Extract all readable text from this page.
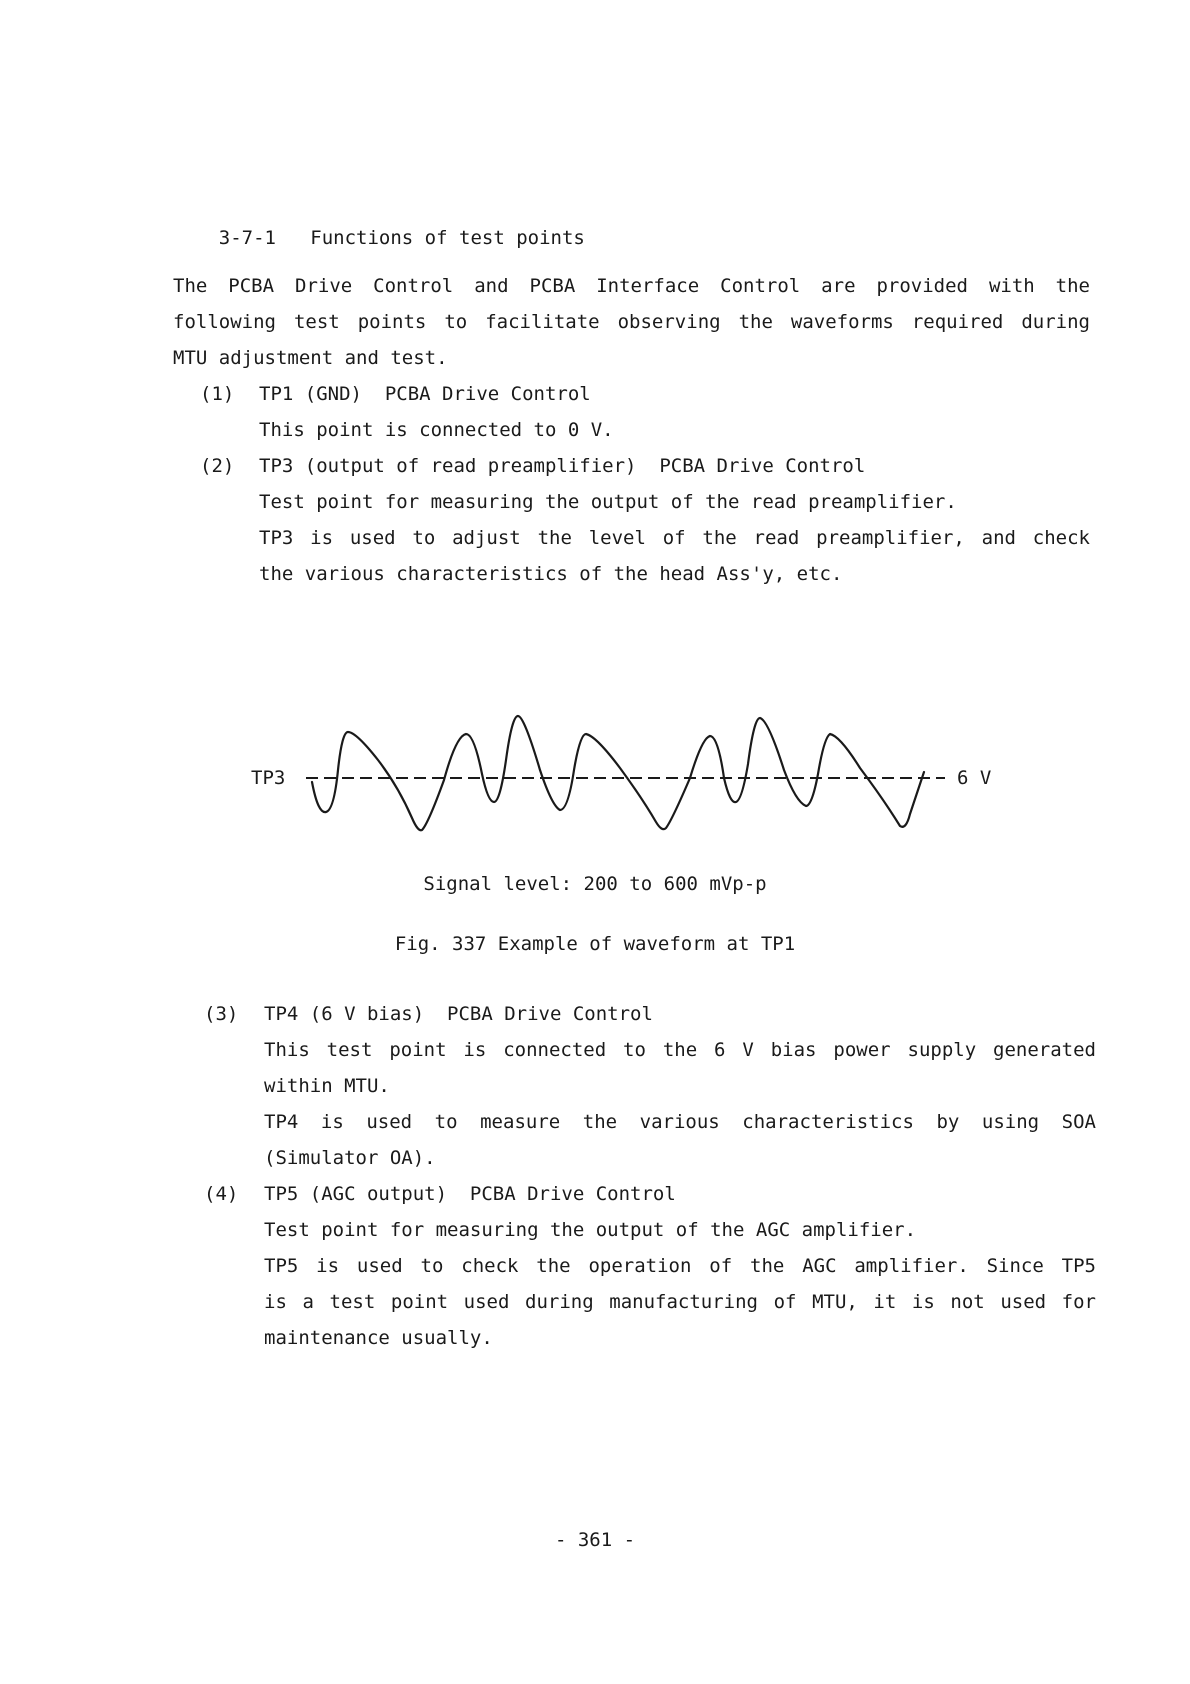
3-7-1 Functions of test points

The PCBA Drive Control and PCBA Interface Control are provided with the
following test points to facilitate observing the waveforms required during
MTU adjustment and test.
(1) TP1 (GND)  PCBA Drive Control
This point is connected to 0 V.
(2) TP3 (output of read preamplifier)  PCBA Drive Control
Test point for measuring the output of the read preamplifier.
TP3 is used to adjust the level of the read preamplifier, and check
the various characteristics of the head Ass'y, etc.
TP3	6 V
Signal level: 200 to 600 mVp-p
Fig. 337 Example of waveform at TP1
(3) TP4 (6 V bias)  PCBA Drive Control
This test point is connected to the 6 V bias power supply generated
within MTU.
TP4 is used to measure the various characteristics by using SOA
(Simulator OA).
(4) TP5 (AGC output)  PCBA Drive Control
Test point for measuring the output of the AGC amplifier.
TP5 is used to check the operation of the AGC amplifier. Since TP5
is a test point used during manufacturing of MTU, it is not used for
maintenance usually.
- 361 -
